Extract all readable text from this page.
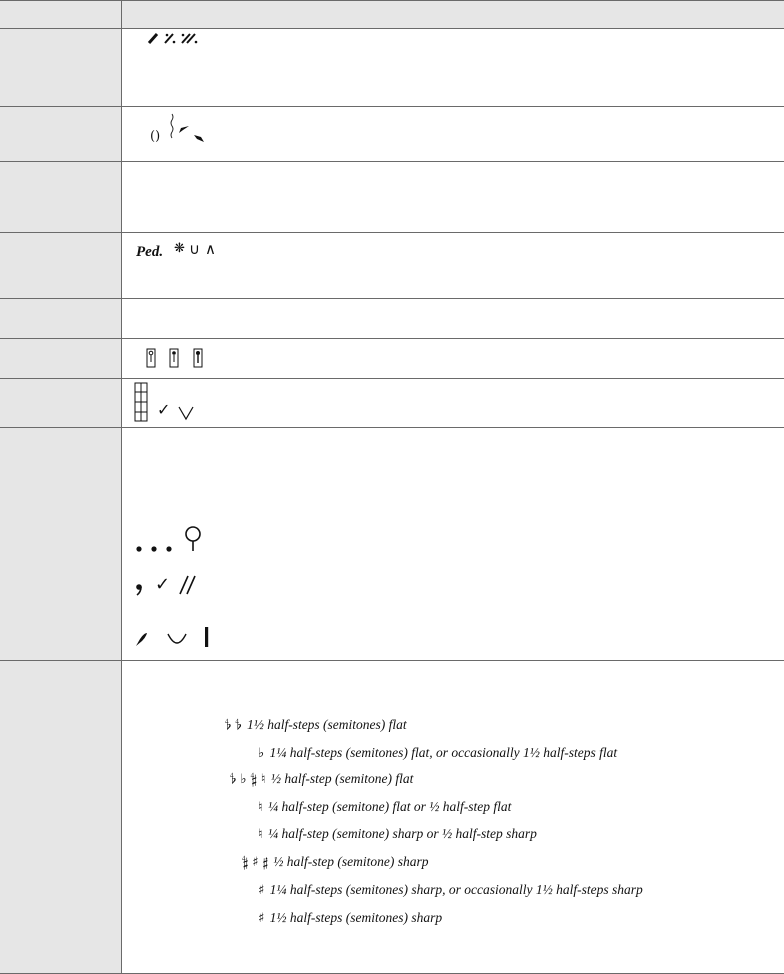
()
Ped. ❋ ∪ ∧
✓
✓
𝄳 𝄳 1½ half-steps (semitones) flat
♭ 1¼ half-steps (semitones) flat, or occasionally 1½ half-steps flat
𝄳 ♭ 𝄲 ♮ ½ half-step (semitone) flat
♮ ¼ half-step (semitone) flat or ½ half-step flat
♮ ¼ half-step (semitone) sharp or ½ half-step sharp
𝄲 ♯ 𝄰 ½ half-step (semitone) sharp
♯ 1¼ half-steps (semitones) sharp, or occasionally 1½ half-steps sharp
♯ 1½ half-steps (semitones) sharp
